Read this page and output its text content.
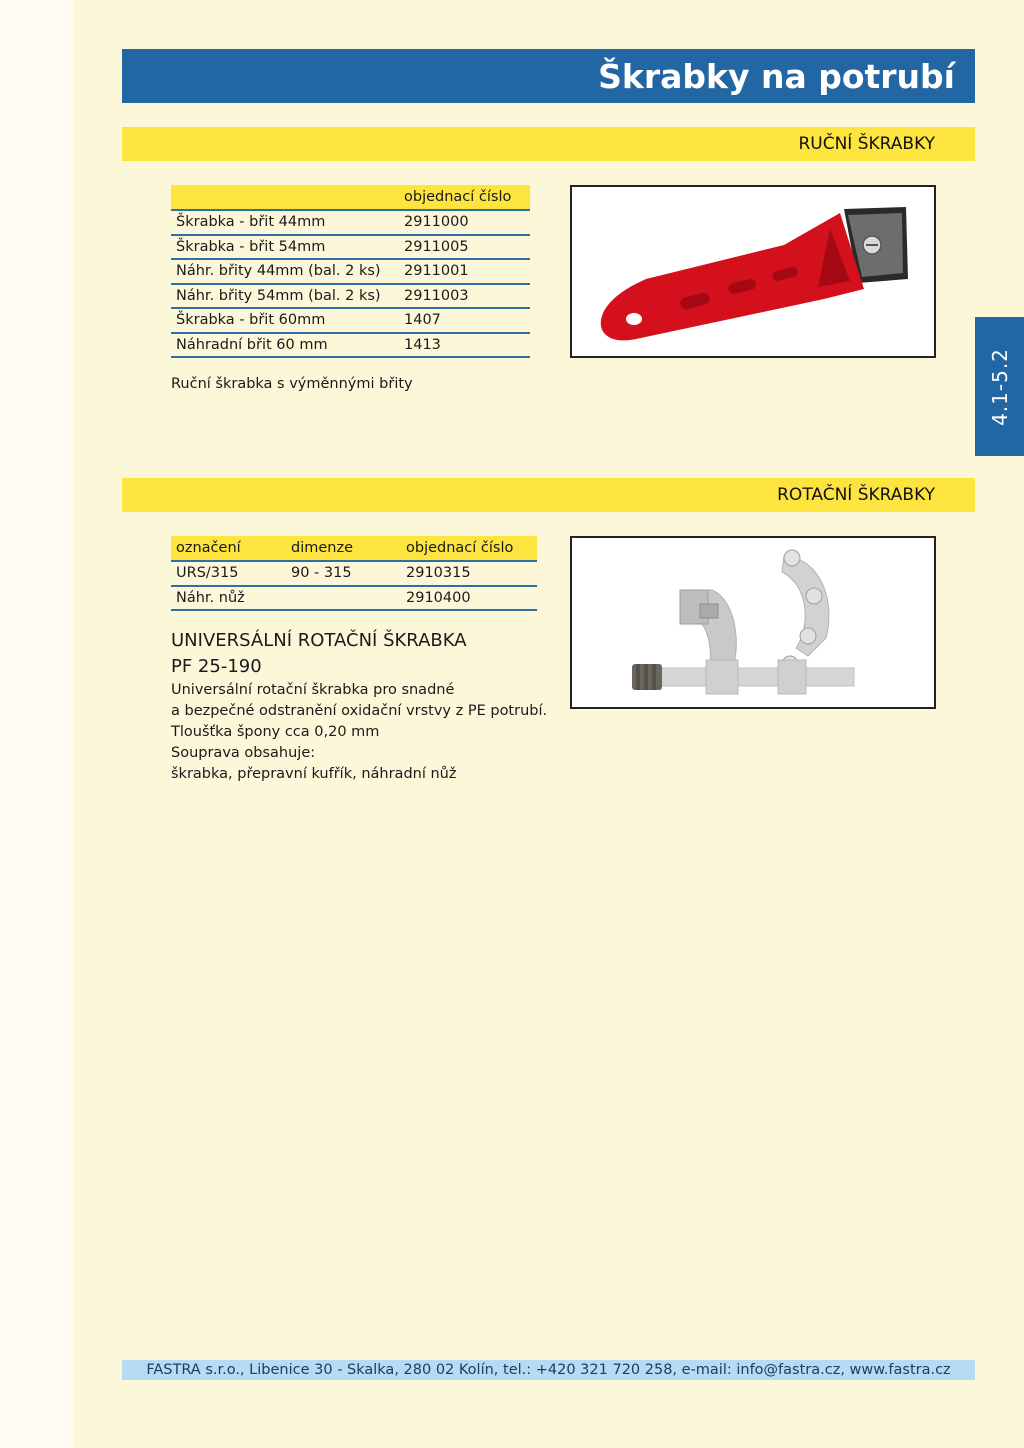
Škrabky na potrubí
4.1-5.2
RUČNÍ ŠKRABKY
	objednací číslo
Škrabka - břit 44mm	2911000
Škrabka - břit 54mm	2911005
Náhr. břity 44mm (bal. 2 ks)	2911001
Náhr. břity 54mm (bal. 2 ks)	2911003
Škrabka - břit 60mm	1407
Náhradní břit 60 mm	1413
Ruční škrabka s výměnnými břity
ROTAČNÍ ŠKRABKY
označení	dimenze	objednací číslo
URS/315	90 - 315	2910315
Náhr. nůž		2910400
UNIVERSÁLNÍ ROTAČNÍ ŠKRABKA
PF 25-190
Universální rotační škrabka pro snadné
a bezpečné odstranění oxidační vrstvy z PE potrubí.
Tloušťka špony cca 0,20 mm
Souprava obsahuje:
škrabka, přepravní kufřík, náhradní nůž
FASTRA s.r.o., Libenice 30 - Skalka, 280 02 Kolín, tel.: +420 321 720 258, e-mail: info@fastra.cz, www.fastra.cz
